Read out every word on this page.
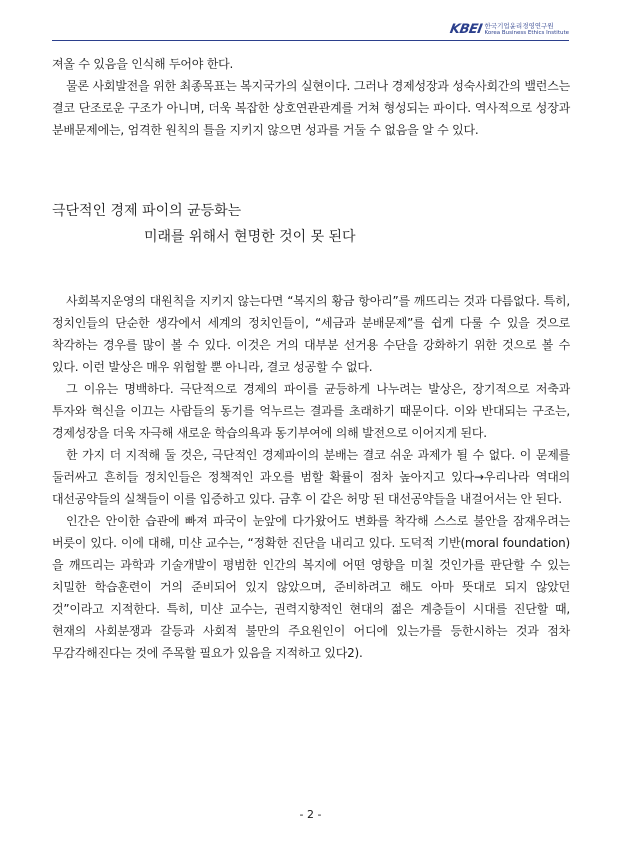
KBEI 한국기업윤리경영연구원
Korea Business Ethics Institute

져올 수 있음을 인식해 두어야 한다.

물론 사회발전을 위한 최종목표는 복지국가의 실현이다. 그러나 경제성장과 성숙사회간의 밸런스는 결코 단조로운 구조가 아니며, 더욱 복잡한 상호연관관계를 거쳐 형성되는 파이다. 역사적으로 성장과 분배문제에는, 엄격한 원칙의 틀을 지키지 않으면 성과를 거둘 수 없음을 알 수 있다.

극단적인 경제 파이의 균등화는
미래를 위해서 현명한 것이 못 된다

사회복지운영의 대원칙을 지키지 않는다면 “복지의 황금 항아리”를 깨뜨리는 것과 다름없다. 특히, 정치인들의 단순한 생각에서 세계의 정치인들이, “세금과 분배문제”를 쉽게 다룰 수 있을 것으로 착각하는 경우를 많이 볼 수 있다. 이것은 거의 대부분 선거용 수단을 강화하기 위한 것으로 볼 수 있다. 이런 발상은 매우 위험할 뿐 아니라, 결코 성공할 수 없다.

그 이유는 명백하다. 극단적으로 경제의 파이를 균등하게 나누려는 발상은, 장기적으로 저축과 투자와 혁신을 이끄는 사람들의 동기를 억누르는 결과를 초래하기 때문이다. 이와 반대되는 구조는, 경제성장을 더욱 자극해 새로운 학습의욕과 동기부여에 의해 발전으로 이어지게 된다.

한 가지 더 지적해 둘 것은, 극단적인 경제파이의 분배는 결코 쉬운 과제가 될 수 없다. 이 문제를 둘러싸고 흔히들 정치인들은 정책적인 과오를 범할 확률이 점차 높아지고 있다→우리나라 역대의 대선공약들의 실책들이 이를 입증하고 있다. 금후 이 같은 허망 된 대선공약들을 내걸어서는 안 된다.

인간은 안이한 습관에 빠져 파국이 눈앞에 다가왔어도 변화를 착각해 스스로 불안을 잠재우려는 버릇이 있다. 이에 대해, 미샨 교수는, “정확한 진단을 내리고 있다. 도덕적 기반(moral foundation)을 깨뜨리는 과학과 기술개발이 평범한 인간의 복지에 어떤 영향을 미칠 것인가를 판단할 수 있는 치밀한 학습훈련이 거의 준비되어 있지 않았으며, 준비하려고 해도 아마 뜻대로 되지 않았던 것”이라고 지적한다. 특히, 미샨 교수는, 권력지향적인 현대의 젊은 계층들이 시대를 진단할 때, 현재의 사회분쟁과 갈등과 사회적 불만의 주요원인이 어디에 있는가를 등한시하는 것과 점차 무감각해진다는 것에 주목할 필요가 있음을 지적하고 있다2).

- 2 -
